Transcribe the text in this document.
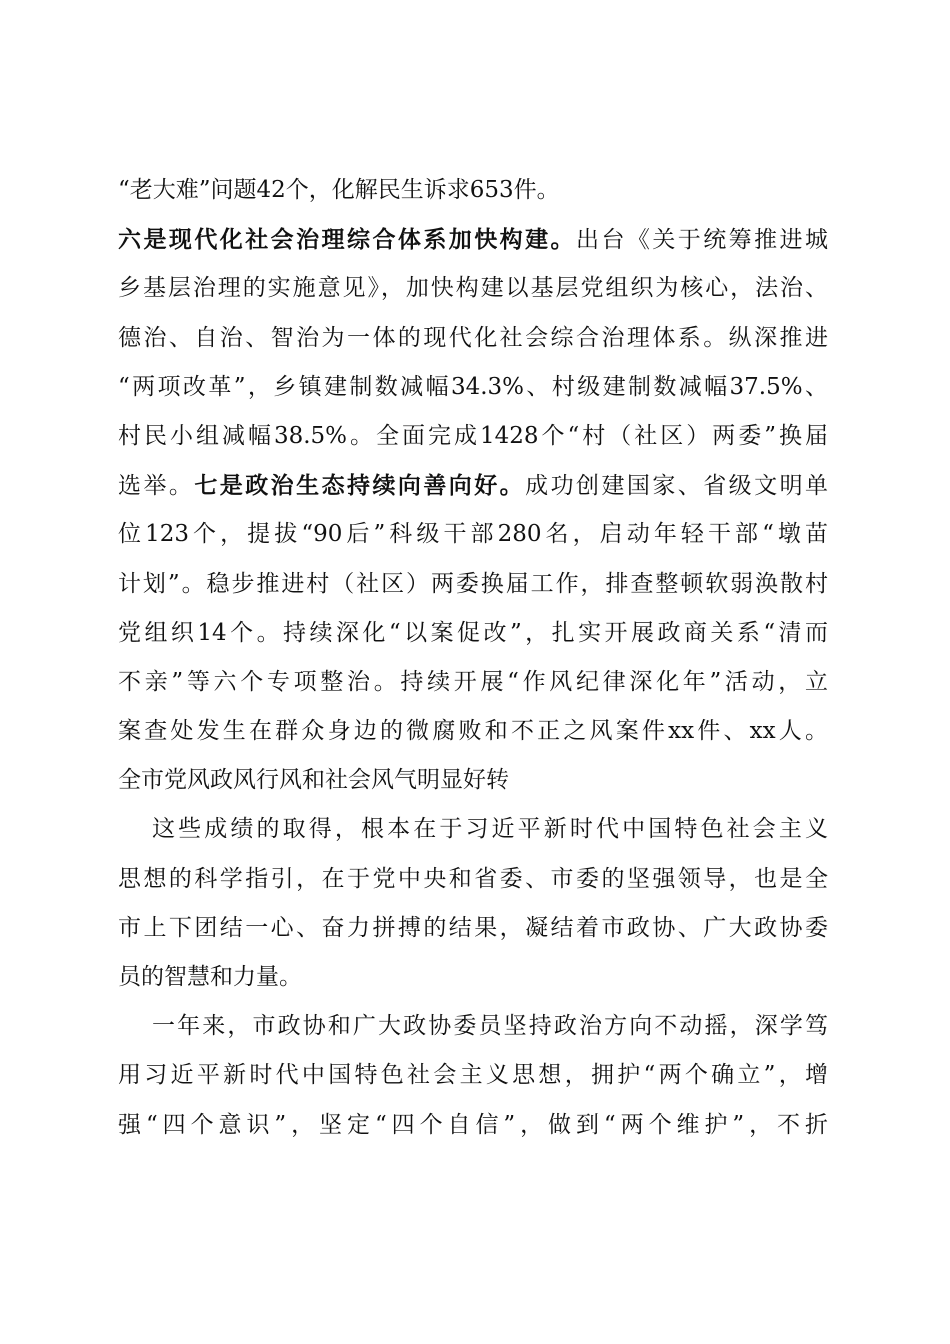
“老大难”问题42个，化解民生诉求653件。
六是现代化社会治理综合体系加快构建。出台《关于统筹推进城
乡基层治理的实施意见》，加快构建以基层党组织为核心，法治、
德治、自治、智治为一体的现代化社会综合治理体系。纵深推进
“两项改革”，乡镇建制数减幅34.3%、村级建制数减幅37.5%、
村民小组减幅38.5%。全面完成1428个“村（社区）两委”换届
选举。七是政治生态持续向善向好。成功创建国家、省级文明单
位123个，提拔“90后”科级干部280名，启动年轻干部“墩苗
计划”。稳步推进村（社区）两委换届工作，排查整顿软弱涣散村
党组织14个。持续深化“以案促改”，扎实开展政商关系“清而
不亲”等六个专项整治。持续开展“作风纪律深化年”活动，立
案查处发生在群众身边的微腐败和不正之风案件xx件、xx人。
全市党风政风行风和社会风气明显好转
这些成绩的取得，根本在于习近平新时代中国特色社会主义
思想的科学指引，在于党中央和省委、市委的坚强领导，也是全
市上下团结一心、奋力拼搏的结果，凝结着市政协、广大政协委
员的智慧和力量。
一年来，市政协和广大政协委员坚持政治方向不动摇，深学笃
用习近平新时代中国特色社会主义思想，拥护“两个确立”，增
强“四个意识”，坚定“四个自信”，做到“两个维护”，不折
